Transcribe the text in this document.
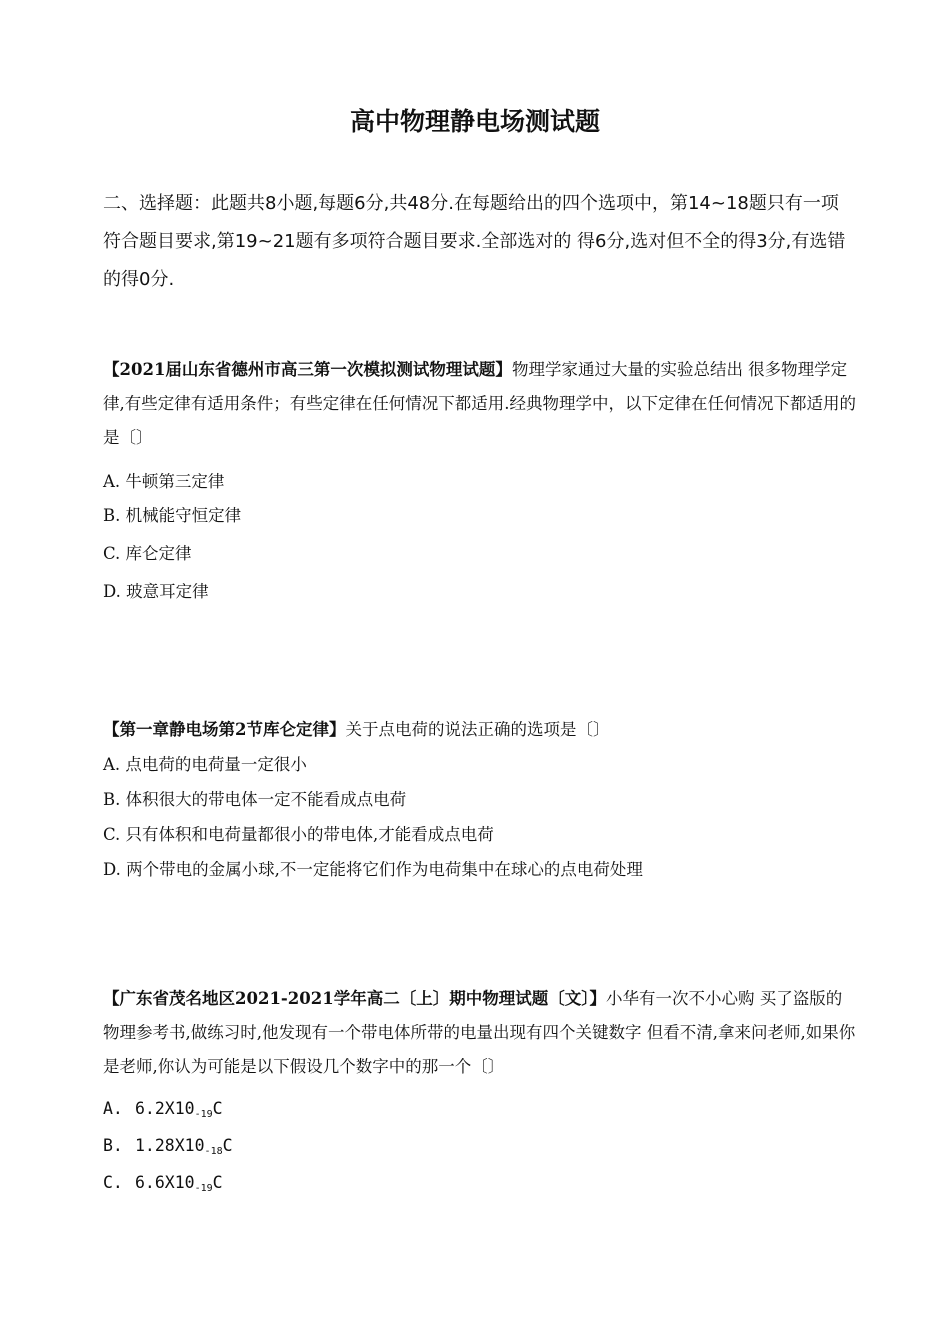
高中物理静电场测试题
二、选择题：此题共8小题,每题6分,共48分.在每题给出的四个选项中，第14~18题只有一项符合题目要求,第19~21题有多项符合题目要求.全部选对的 得6分,选对但不全的得3分,有选错的得0分.

【2021届山东省德州市高三第一次模拟测试物理试题】物理学家通过大量的实验总结出 很多物理学定律,有些定律有适用条件；有些定律在任何情况下都适用.经典物理学中，以下定律在任何情况下都适用的是〔〕

A. 牛顿第三定律
B. 机械能守恒定律
C. 库仑定律
D. 玻意耳定律

【第一章静电场第2节库仑定律】关于点电荷的说法正确的选项是〔〕

A. 点电荷的电荷量一定很小
B. 体积很大的带电体一定不能看成点电荷
C. 只有体积和电荷量都很小的带电体,才能看成点电荷
D. 两个带电的金属小球,不一定能将它们作为电荷集中在球心的点电荷处理

【广东省茂名地区2021-2021学年高二〔上〕期中物理试题〔文〕】小华有一次不小心购 买了盗版的物理参考书,做练习时,他发现有一个带电体所带的电量出现有四个关键数字 但看不清,拿来问老师,如果你是老师,你认为可能是以下假设几个数字中的那一个〔〕

A. $6.2X10^{-19}C$
B. $1.28X10^{-18}C$
C. $6.6X10^{-19}C$
